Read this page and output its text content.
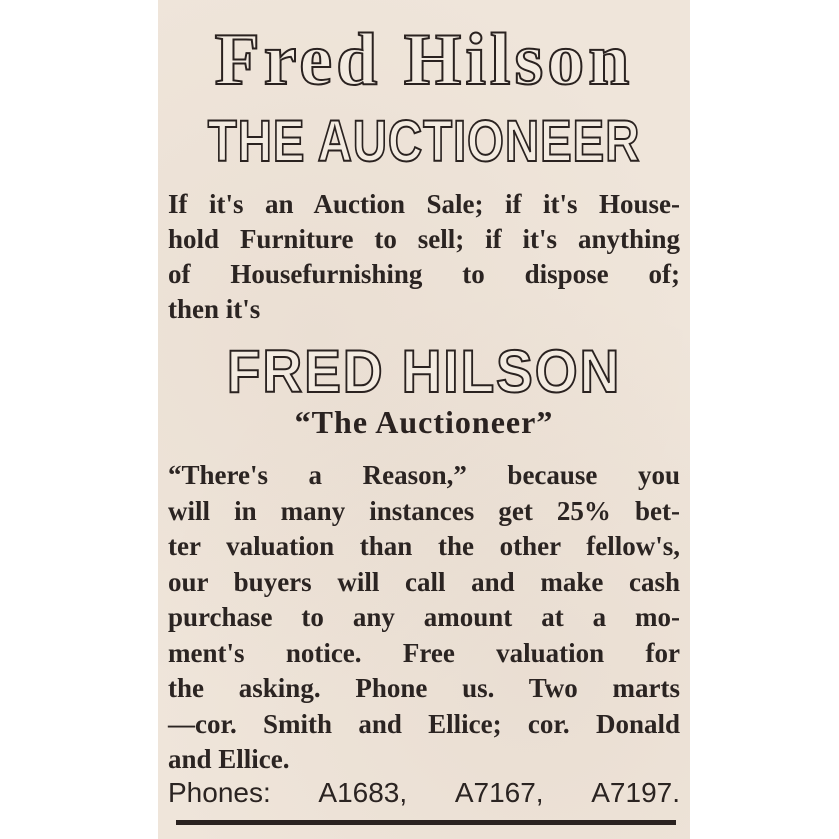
Fred Hilson
THE AUCTIONEER
If it's an Auction Sale; if it's House-
hold Furniture to sell; if it's anything
of Housefurnishing to dispose of;
then it's
FRED HILSON
“The Auctioneer”
“There's a Reason,” because you
will in many instances get 25% bet-
ter valuation than the other fellow's,
our buyers will call and make cash
purchase to any amount at a mo-
ment's notice. Free valuation for
the asking. Phone us. Two marts
—cor. Smith and Ellice; cor. Donald
and Ellice.
Phones: A1683, A7167, A7197.
